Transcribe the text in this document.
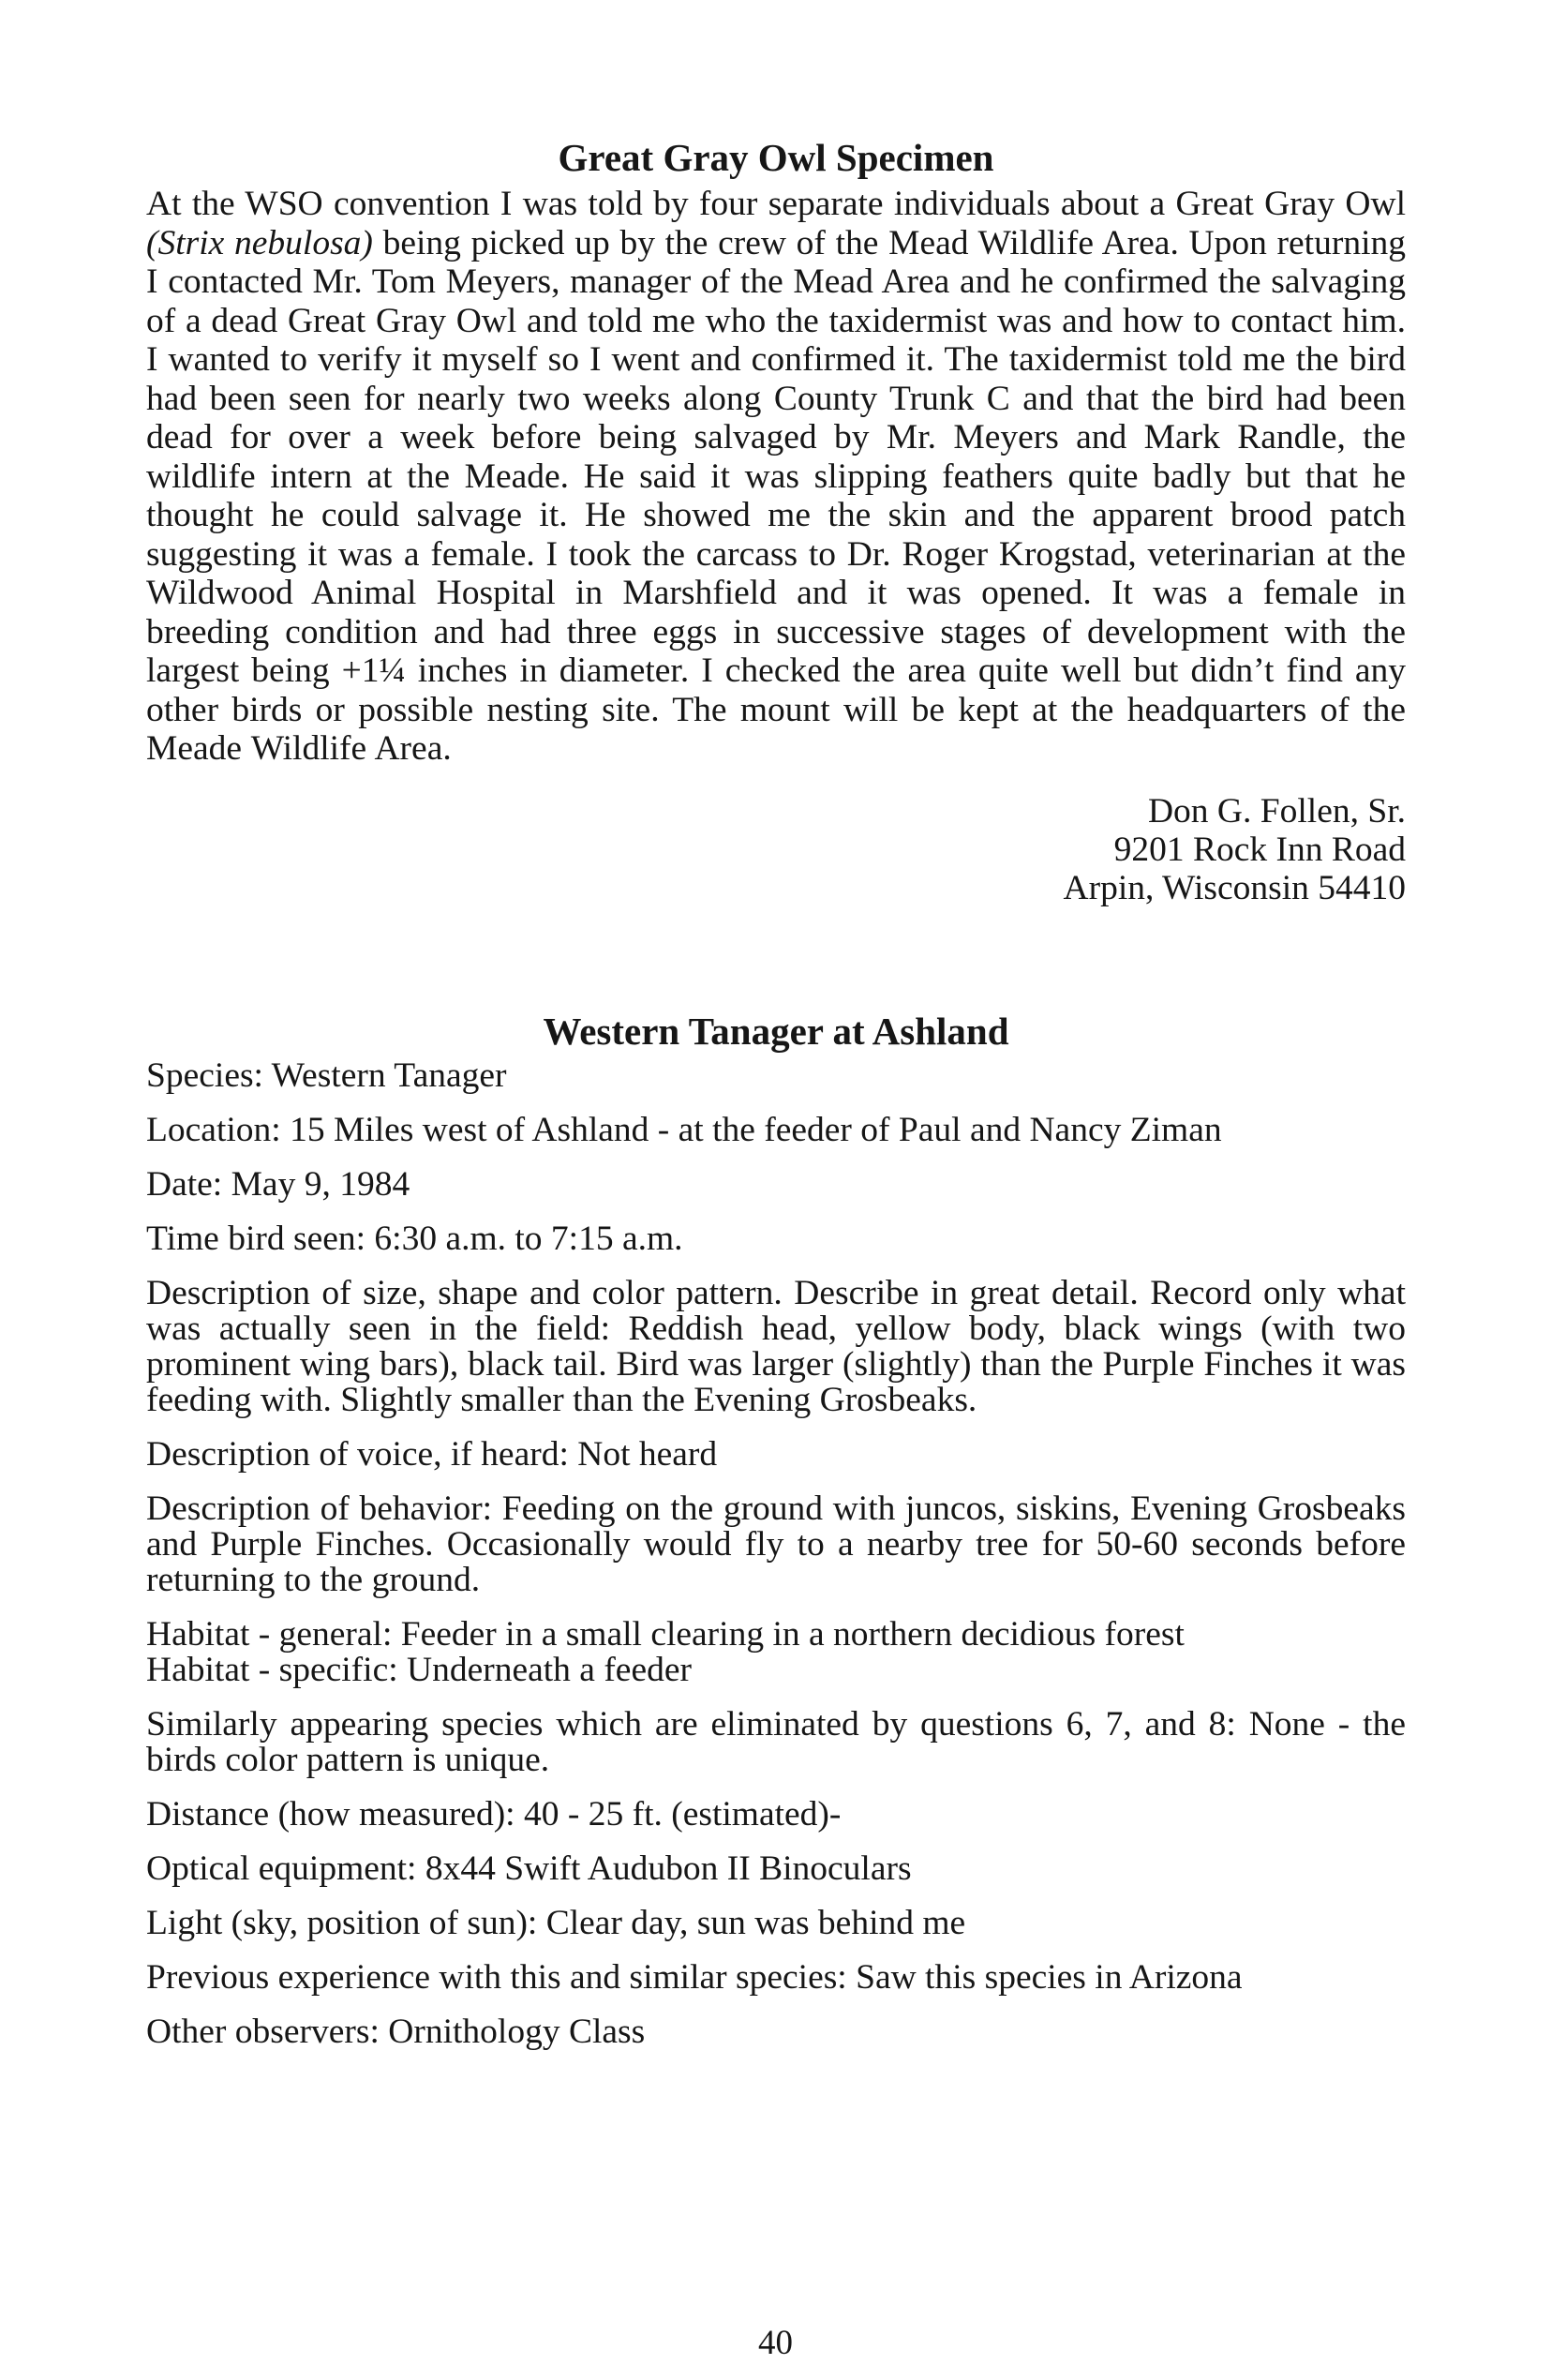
Great Gray Owl Specimen

At the WSO convention I was told by four separate individuals about a Great Gray Owl (Strix nebulosa) being picked up by the crew of the Mead Wildlife Area. Upon returning I contacted Mr. Tom Meyers, manager of the Mead Area and he confirmed the salvaging of a dead Great Gray Owl and told me who the taxidermist was and how to contact him. I wanted to verify it myself so I went and confirmed it. The taxidermist told me the bird had been seen for nearly two weeks along County Trunk C and that the bird had been dead for over a week before being salvaged by Mr. Meyers and Mark Randle, the wildlife intern at the Meade. He said it was slipping feathers quite badly but that he thought he could salvage it. He showed me the skin and the apparent brood patch suggesting it was a female. I took the carcass to Dr. Roger Krogstad, veterinarian at the Wildwood Animal Hospital in Marshfield and it was opened. It was a female in breeding condition and had three eggs in successive stages of development with the largest being +1¼ inches in diameter. I checked the area quite well but didn’t find any other birds or possible nesting site. The mount will be kept at the headquarters of the Meade Wildlife Area.

Don G. Follen, Sr.
9201 Rock Inn Road
Arpin, Wisconsin 54410
Western Tanager at Ashland

Species: Western Tanager

Location: 15 Miles west of Ashland - at the feeder of Paul and Nancy Ziman

Date: May 9, 1984

Time bird seen: 6:30 a.m. to 7:15 a.m.

Description of size, shape and color pattern. Describe in great detail. Record only what was actually seen in the field: Reddish head, yellow body, black wings (with two prominent wing bars), black tail. Bird was larger (slightly) than the Purple Finches it was feeding with. Slightly smaller than the Evening Grosbeaks.

Description of voice, if heard: Not heard

Description of behavior: Feeding on the ground with juncos, siskins, Evening Grosbeaks and Purple Finches. Occasionally would fly to a nearby tree for 50-60 seconds before returning to the ground.

Habitat - general: Feeder in a small clearing in a northern decidious forest

Habitat - specific: Underneath a feeder

Similarly appearing species which are eliminated by questions 6, 7, and 8: None - the birds color pattern is unique.

Distance (how measured): 40 - 25 ft. (estimated)-

Optical equipment: 8x44 Swift Audubon II Binoculars

Light (sky, position of sun): Clear day, sun was behind me

Previous experience with this and similar species: Saw this species in Arizona

Other observers: Ornithology Class

40
